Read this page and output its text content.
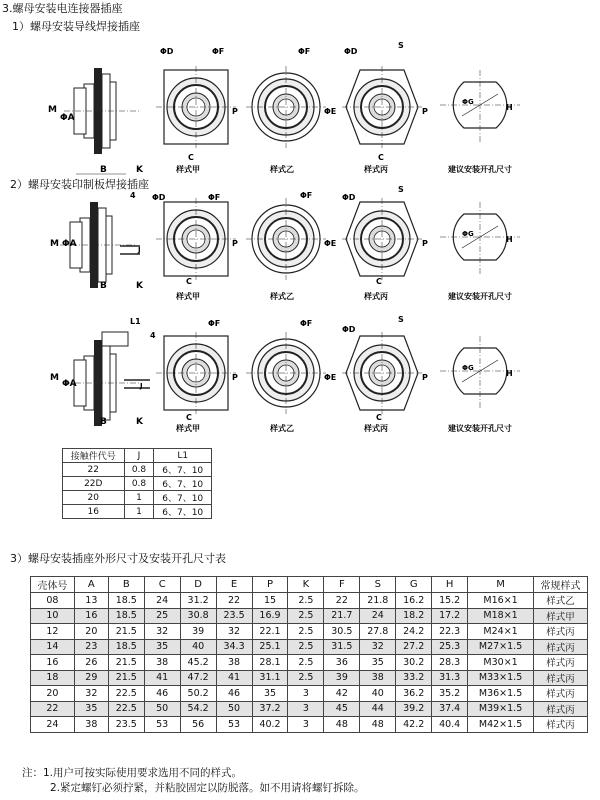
3.螺母安装电连接器插座
1）螺母安装导线焊接插座
2）螺母安装印制板焊接插座
3）螺母安装插座外形尺寸及安装开孔尺寸表
M
ΦA
B	K
ΦD	ΦF
P
C
样式甲
ΦF
ΦE
样式乙
ΦD
S
P
C
样式丙
ΦG
H
建议安装开孔尺寸
M ΦA
4
J
B	K
ΦD	ΦF
P
C
样式甲
ΦF
ΦE
样式乙
ΦD
S
P
C
样式丙
ΦG
H
建议安装开孔尺寸
M
ΦA
L1
4
J
B	K
ΦF
P
C
样式甲
ΦF
ΦE
样式乙
ΦD
S
P
C
样式丙
ΦG
H
建议安装开孔尺寸
接触件代号	J	L1
22	0.8	6、7、10
22D	0.8	6、7、10
20	1	6、7、10
16	1	6、7、10
壳体号	A	B	C	D	E	P	K	F	S	G	H	M	常规样式
08	13	18.5	24	31.2	22	15	2.5	22	21.8	16.2	15.2	M16×1	样式乙
10	16	18.5	25	30.8	23.5	16.9	2.5	21.7	24	18.2	17.2	M18×1	样式甲
12	20	21.5	32	39	32	22.1	2.5	30.5	27.8	24.2	22.3	M24×1	样式丙
14	23	18.5	35	40	34.3	25.1	2.5	31.5	32	27.2	25.3	M27×1.5	样式丙
16	26	21.5	38	45.2	38	28.1	2.5	36	35	30.2	28.3	M30×1	样式丙
18	29	21.5	41	47.2	41	31.1	2.5	39	38	33.2	31.3	M33×1.5	样式丙
20	32	22.5	46	50.2	46	35	3	42	40	36.2	35.2	M36×1.5	样式丙
22	35	22.5	50	54.2	50	37.2	3	45	44	39.2	37.4	M39×1.5	样式丙
24	38	23.5	53	56	53	40.2	3	48	48	42.2	40.4	M42×1.5	样式丙
注：1.用户可按实际使用要求选用不同的样式。
2.紧定螺钉必须拧紧，并粘胶固定以防脱落。如不用请将螺钉拆除。
